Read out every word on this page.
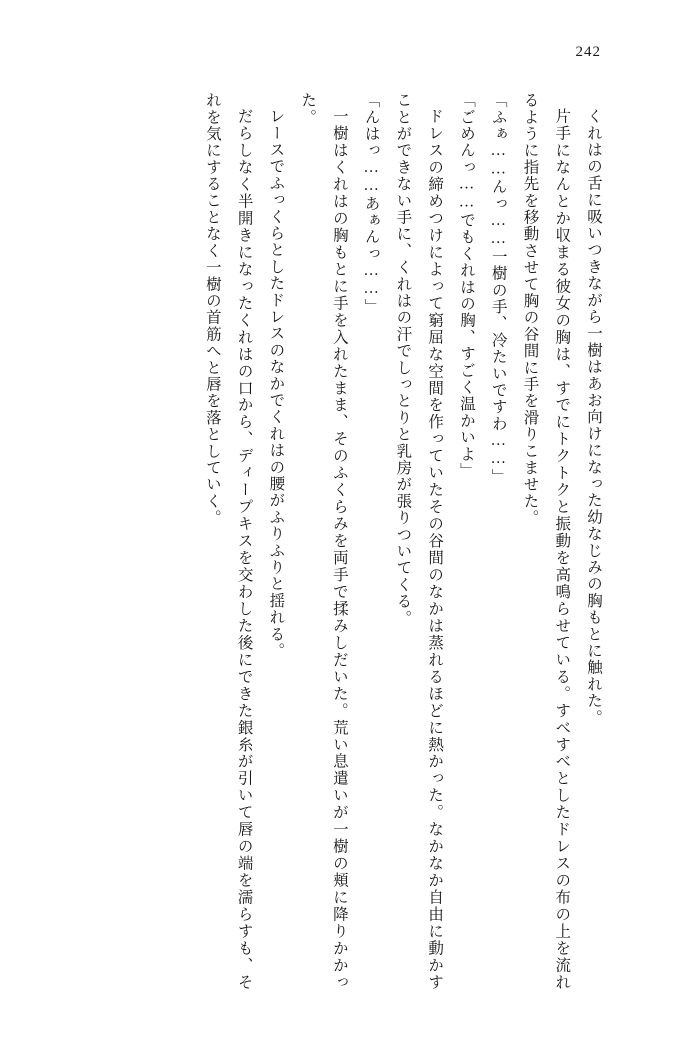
242

くれはの舌に吸いつきながら一樹はあお向けになった幼なじみの胸もとに触れた。

片手になんとか収まる彼女の胸は、すでにトクトクと振動を高鳴らせている。すべすべとしたドレスの布の上を流れるように指先を移動させて胸の谷間に手を滑りこませた。

「ふぁ……んっ……一樹の手、冷たいですわ……」

「ごめんっ……でもくれはの胸、すごく温かいよ」

ドレスの締めつけによって窮屈な空間を作っていたその谷間のなかは蒸れるほどに熱かった。なかなか自由に動かすことができない手に、くれはの汗でしっとりと乳房が張りついてくる。

「んはっ……あぁんっ……」

一樹はくれはの胸もとに手を入れたまま、そのふくらみを両手で揉みしだいた。荒い息遣いが一樹の頬に降りかかった。

レースでふっくらとしたドレスのなかでくれはの腰がふりふりと揺れる。

だらしなく半開きになったくれはの口から、ディープキスを交わした後にできた銀糸が引いて唇の端を濡らすも、それを気にすることなく一樹の首筋へと唇を落としていく。
